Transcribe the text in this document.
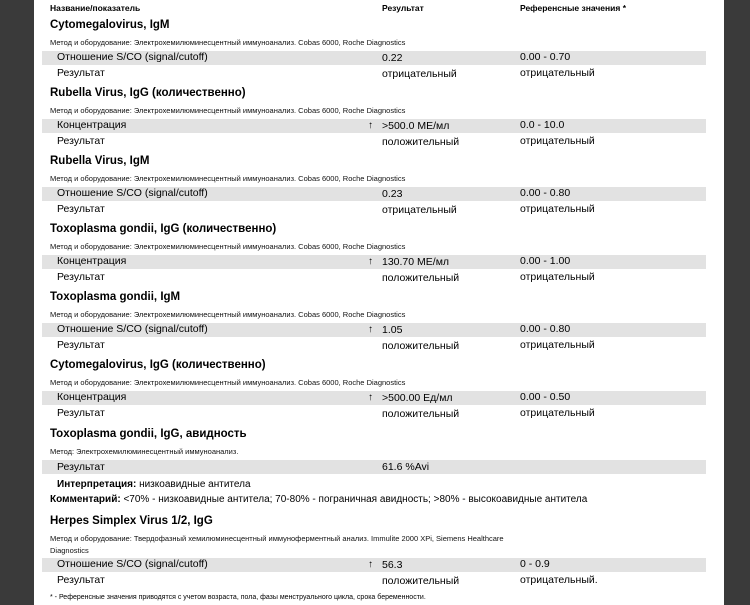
Название/показатель	Результат	Референсные значения *
Cytomegalovirus, IgM
Метод и оборудование: Электрохемилюминесцентный иммуноанализ. Cobas 6000, Roche Diagnostics
Отношение S/CO (signal/cutoff)	0.22	0.00 - 0.70
Результат	отрицательный	отрицательный
Rubella Virus, IgG (количественно)
Метод и оборудование: Электрохемилюминесцентный иммуноанализ. Cobas 6000, Roche Diagnostics
Концентрация	↑ >500.0 МЕ/мл	0.0 - 10.0
Результат	положительный	отрицательный
Rubella Virus, IgM
Метод и оборудование: Электрохемилюминесцентный иммуноанализ. Cobas 6000, Roche Diagnostics
Отношение S/CO (signal/cutoff)	0.23	0.00 - 0.80
Результат	отрицательный	отрицательный
Toxoplasma gondii, IgG (количественно)
Метод и оборудование: Электрохемилюминесцентный иммуноанализ. Cobas 6000, Roche Diagnostics
Концентрация	↑ 130.70 МЕ/мл	0.00 - 1.00
Результат	положительный	отрицательный
Toxoplasma gondii, IgM
Метод и оборудование: Электрохемилюминесцентный иммуноанализ. Cobas 6000, Roche Diagnostics
Отношение S/CO (signal/cutoff)	↑ 1.05	0.00 - 0.80
Результат	положительный	отрицательный
Cytomegalovirus, IgG (количественно)
Метод и оборудование: Электрохемилюминесцентный иммуноанализ. Cobas 6000, Roche Diagnostics
Концентрация	↑ >500.00 Ед/мл	0.00 - 0.50
Результат	положительный	отрицательный
Toxoplasma gondii, IgG, авидность
Метод: Электрохемилюминесцентный иммуноанализ.
Результат	61.6 %Avi
Интерпретация: низкоавидные антитела
Комментарий: <70% - низкоавидные антитела; 70-80% - пограничная авидность; >80% - высокоавидные антитела
Herpes Simplex Virus 1/2, IgG
Метод и оборудование: Твердофазный хемилюминесцентный иммуноферментный анализ. Immulite 2000 XPi, Siemens Healthcare
Diagnostics
Отношение S/CO (signal/cutoff)	↑ 56.3	0 - 0.9
Результат	положительный	отрицательный.
* - Референсные значения приводятся с учетом возраста, пола, фазы менструального цикла, срока беременности.
